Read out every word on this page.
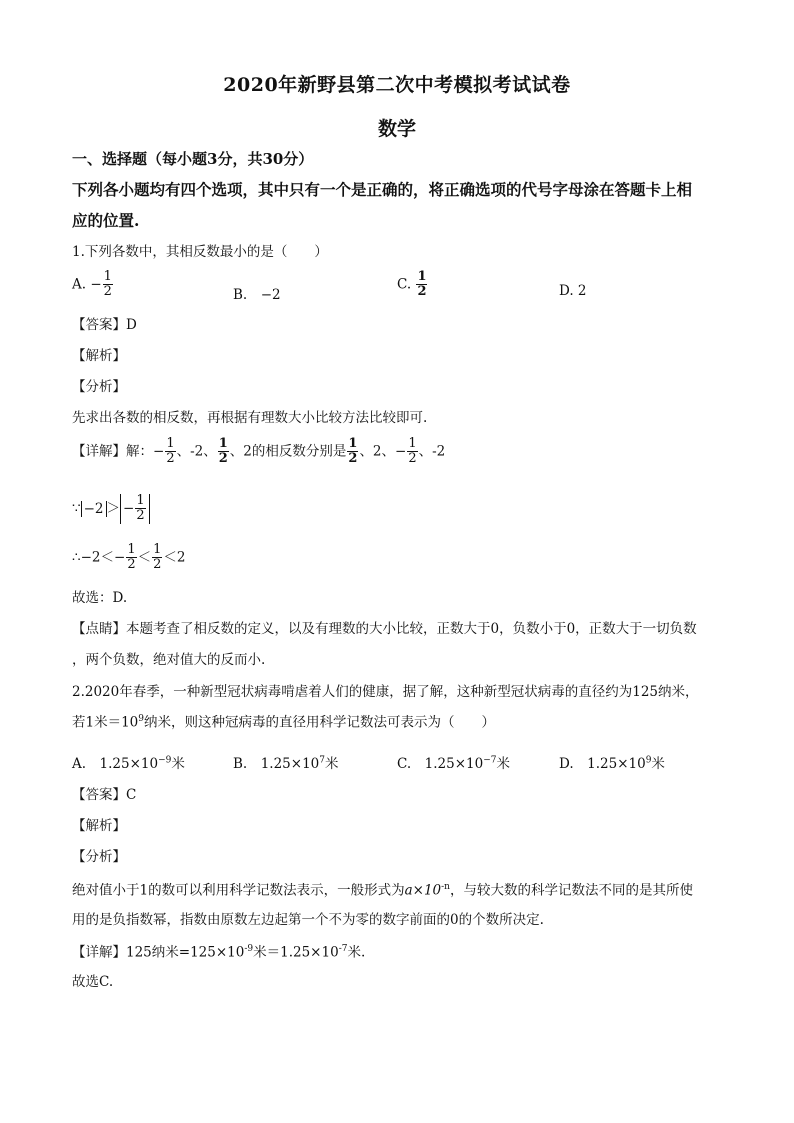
2020年新野县第二次中考模拟考试试卷
数学
一、选择题（每小题3分，共30分）
下列各小题均有四个选项，其中只有一个是正确的，将正确选项的代号字母涂在答题卡上相
应的位置.
1.下列各数中，其相反数最小的是（　　）
A. − $\frac{1}{2}$	B.　−2
C. $\frac{1}{2}$	D. 2
【答案】D
【解析】
【分析】
先求出各数的相反数，再根据有理数大小比较方法比较即可.
【详解】解：− $\frac{1}{2}$ 、-2、 $\frac{1}{2}$ 、2的相反数分别是 $\frac{1}{2}$ 、2、− $\frac{1}{2}$ 、-2
∵ −2 ＞ − $\frac{1}{2}$
∴−2＜− $\frac{1}{2} < \frac{1}{2} <2$
故选：D.
【点睛】本题考查了相反数的定义，以及有理数的大小比较，正数大于0，负数小于0，正数大于一切负数
，两个负数，绝对值大的反而小.
2.2020年春季，一种新型冠状病毒啃虐着人们的健康，据了解，这种新型冠状病毒的直径约为125纳米，
若1米$=10^9$纳米，则这种冠病毒的直径用科学记数法可表示为（　　）
A.　$1.25\times 10^{-9}$米	B.　$1.25\times 10^7$米	C.　$1.25\times 10^{-7}$米	D.　$1.25\times 10^9$米
【答案】C
【解析】
【分析】
绝对值小于1的数可以利用科学记数法表示，一般形式为$a\times 10^{-n}$，与较大数的科学记数法不同的是其所使
用的是负指数幂，指数由原数左边起第一个不为零的数字前面的0的个数所决定.
【详解】125纳米$=125\times 10^{-9}$米$=1.25\times 10^{-7}$米.
故选C.
